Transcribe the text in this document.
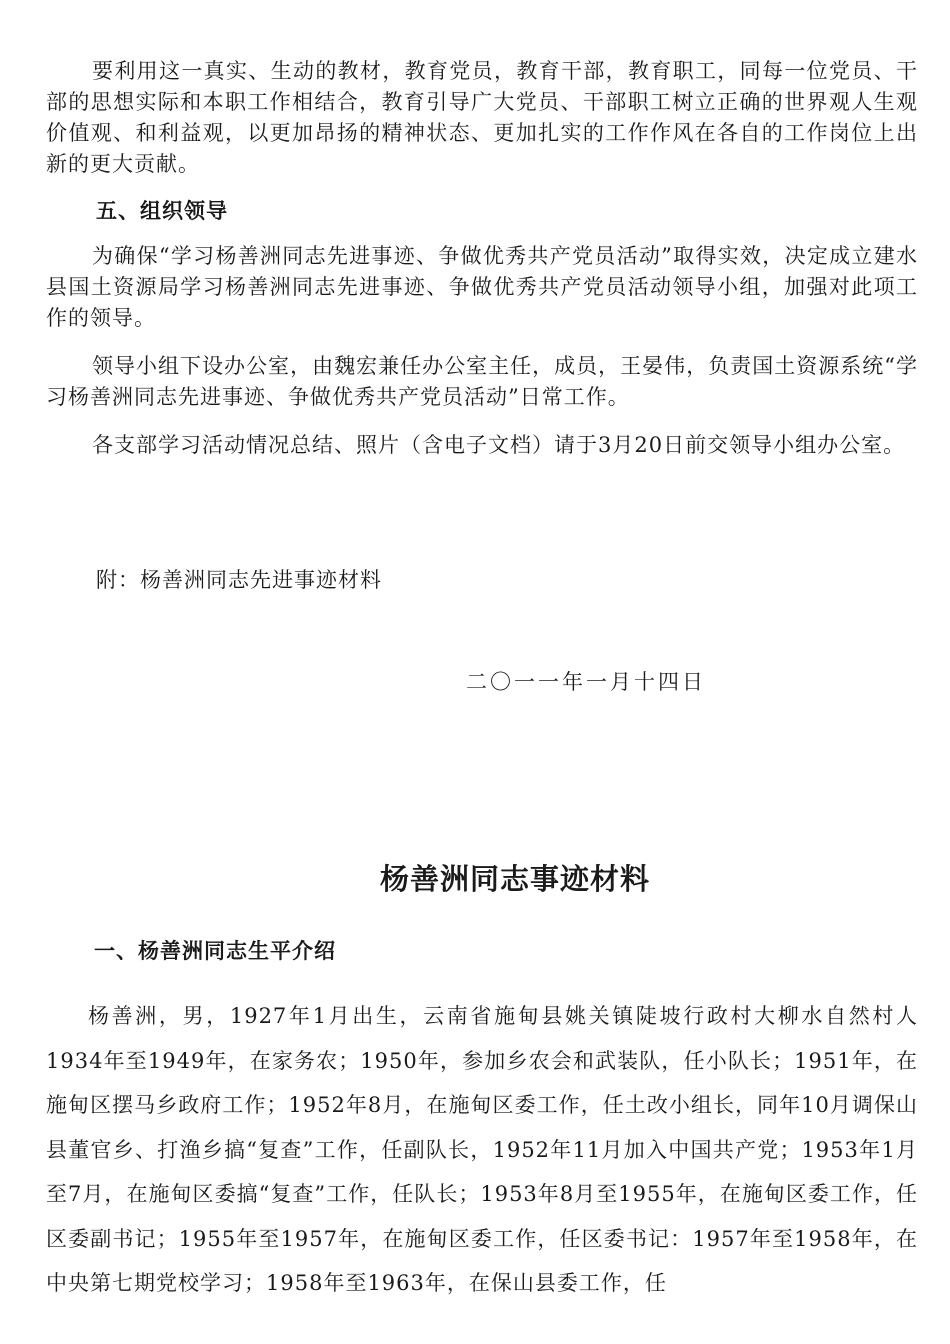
要利用这一真实、生动的教材，教育党员，教育干部，教育职工，同每一位党员、干部的思想实际和本职工作相结合，教育引导广大党员、干部职工树立正确的世界观人生观价值观、和利益观，以更加昂扬的精神状态、更加扎实的工作作风在各自的工作岗位上出新的更大贡献。

五、组织领导

为确保“学习杨善洲同志先进事迹、争做优秀共产党员活动”取得实效，决定成立建水县国土资源局学习杨善洲同志先进事迹、争做优秀共产党员活动领导小组，加强对此项工作的领导。

领导小组下设办公室，由魏宏兼任办公室主任，成员，王晏伟，负责国土资源系统“学习杨善洲同志先进事迹、争做优秀共产党员活动”日常工作。

各支部学习活动情况总结、照片（含电子文档）请于3月20日前交领导小组办公室。

附：杨善洲同志先进事迹材料

二〇一一年一月十四日

杨善洲同志事迹材料
一、杨善洲同志生平介绍

杨善洲，男，1927年1月出生，云南省施甸县姚关镇陡坡行政村大柳水自然村人1934年至1949年，在家务农；1950年，参加乡农会和武装队，任小队长；1951年，在施甸区摆马乡政府工作；1952年8月，在施甸区委工作，任土改小组长，同年10月调保山县董官乡、打渔乡搞“复查”工作，任副队长，1952年11月加入中国共产党；1953年1月至7月，在施甸区委搞“复查”工作，任队长；1953年8月至1955年，在施甸区委工作，任区委副书记；1955年至1957年，在施甸区委工作，任区委书记：1957年至1958年，在中央第七期党校学习；1958年至1963年，在保山县委工作，任
